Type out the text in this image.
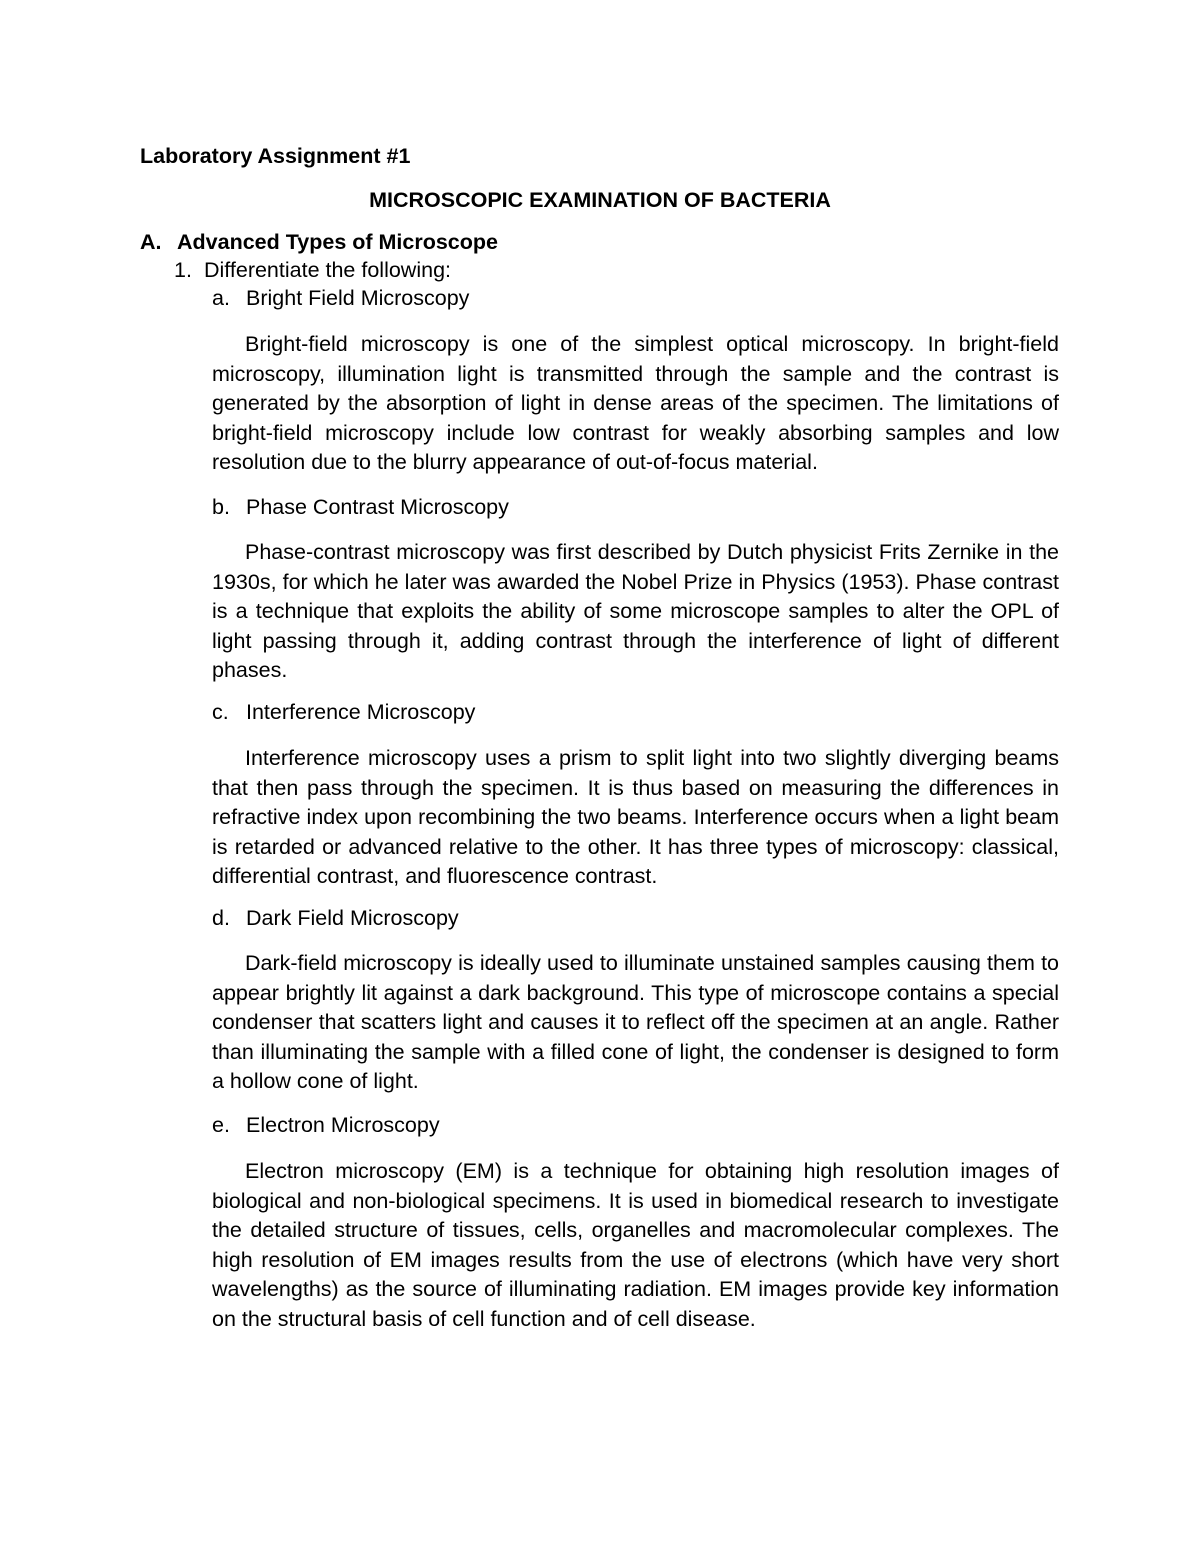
Laboratory Assignment #1
MICROSCOPIC EXAMINATION OF BACTERIA
A. Advanced Types of Microscope
1. Differentiate the following:
a. Bright Field Microscopy
Bright-field microscopy is one of the simplest optical microscopy. In bright-field microscopy, illumination light is transmitted through the sample and the contrast is generated by the absorption of light in dense areas of the specimen. The limitations of bright-field microscopy include low contrast for weakly absorbing samples and low resolution due to the blurry appearance of out-of-focus material.
b. Phase Contrast Microscopy
Phase-contrast microscopy was first described by Dutch physicist Frits Zernike in the 1930s, for which he later was awarded the Nobel Prize in Physics (1953). Phase contrast is a technique that exploits the ability of some microscope samples to alter the OPL of light passing through it, adding contrast through the interference of light of different phases.
c. Interference Microscopy
Interference microscopy uses a prism to split light into two slightly diverging beams that then pass through the specimen. It is thus based on measuring the differences in refractive index upon recombining the two beams. Interference occurs when a light beam is retarded or advanced relative to the other. It has three types of microscopy: classical, differential contrast, and fluorescence contrast.
d. Dark Field Microscopy
Dark-field microscopy is ideally used to illuminate unstained samples causing them to appear brightly lit against a dark background. This type of microscope contains a special condenser that scatters light and causes it to reflect off the specimen at an angle. Rather than illuminating the sample with a filled cone of light, the condenser is designed to form a hollow cone of light.
e. Electron Microscopy
Electron microscopy (EM) is a technique for obtaining high resolution images of biological and non-biological specimens. It is used in biomedical research to investigate the detailed structure of tissues, cells, organelles and macromolecular complexes. The high resolution of EM images results from the use of electrons (which have very short wavelengths) as the source of illuminating radiation. EM images provide key information on the structural basis of cell function and of cell disease.
